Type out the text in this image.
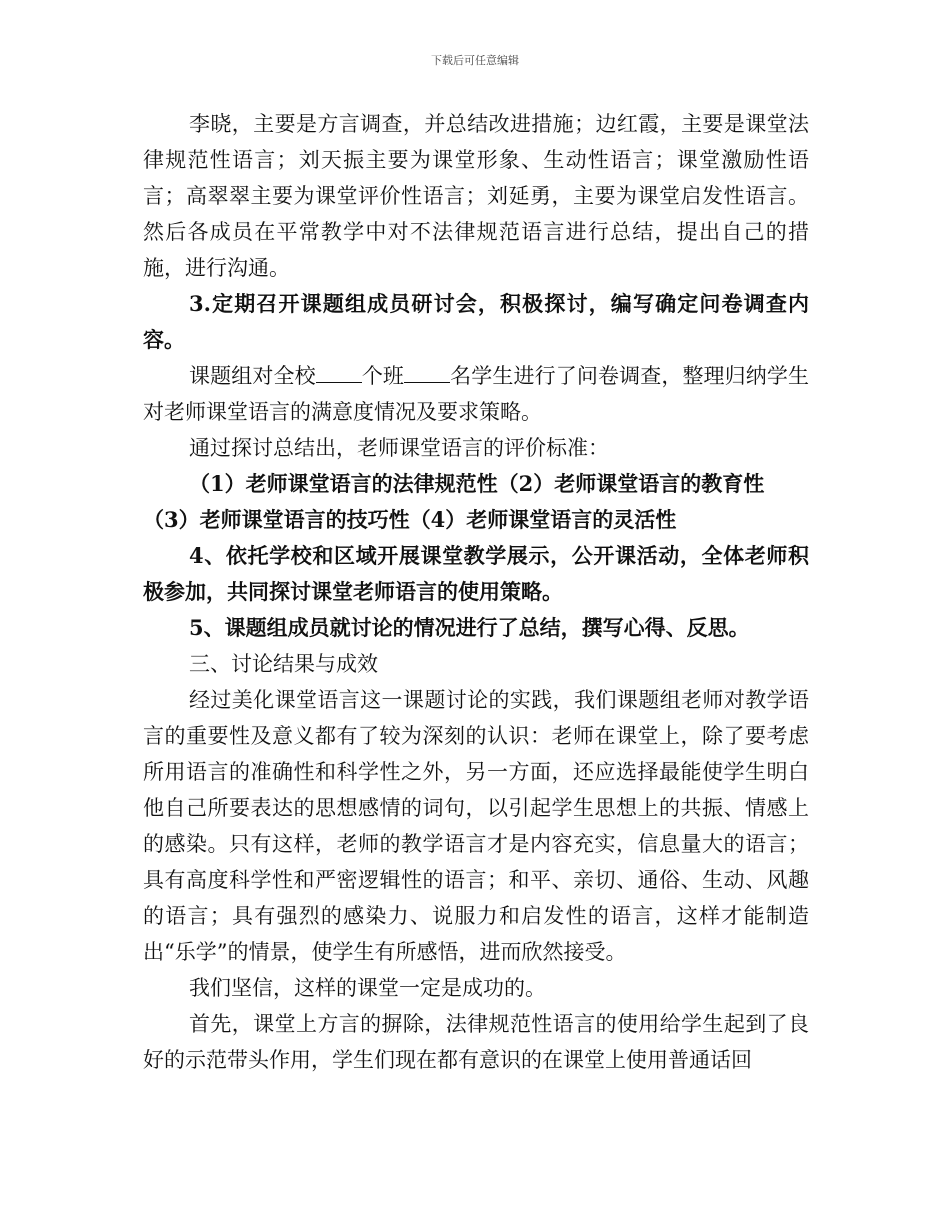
下载后可任意编辑

李晓，主要是方言调查，并总结改进措施；边红霞，主要是课堂法律规范性语言；刘天振主要为课堂形象、生动性语言；课堂激励性语言；高翠翠主要为课堂评价性语言；刘延勇，主要为课堂启发性语言。然后各成员在平常教学中对不法律规范语言进行总结，提出自己的措施，进行沟通。

3.定期召开课题组成员研讨会，积极探讨，编写确定问卷调查内容。

课题组对全校 个班 名学生进行了问卷调查，整理归纳学生对老师课堂语言的满意度情况及要求策略。

通过探讨总结出，老师课堂语言的评价标准：

（1）老师课堂语言的法律规范性（2）老师课堂语言的教育性

（3）老师课堂语言的技巧性（4）老师课堂语言的灵活性

4、依托学校和区域开展课堂教学展示，公开课活动，全体老师积极参加，共同探讨课堂老师语言的使用策略。

5、课题组成员就讨论的情况进行了总结，撰写心得、反思。

三、讨论结果与成效

经过美化课堂语言这一课题讨论的实践，我们课题组老师对教学语言的重要性及意义都有了较为深刻的认识：老师在课堂上，除了要考虑所用语言的准确性和科学性之外，另一方面，还应选择最能使学生明白他自己所要表达的思想感情的词句，以引起学生思想上的共振、情感上的感染。只有这样，老师的教学语言才是内容充实，信息量大的语言；具有高度科学性和严密逻辑性的语言；和平、亲切、通俗、生动、风趣的语言；具有强烈的感染力、说服力和启发性的语言，这样才能制造出“乐学”的情景，使学生有所感悟，进而欣然接受。

我们坚信，这样的课堂一定是成功的。

首先，课堂上方言的摒除，法律规范性语言的使用给学生起到了良好的示范带头作用，学生们现在都有意识的在课堂上使用普通话回
